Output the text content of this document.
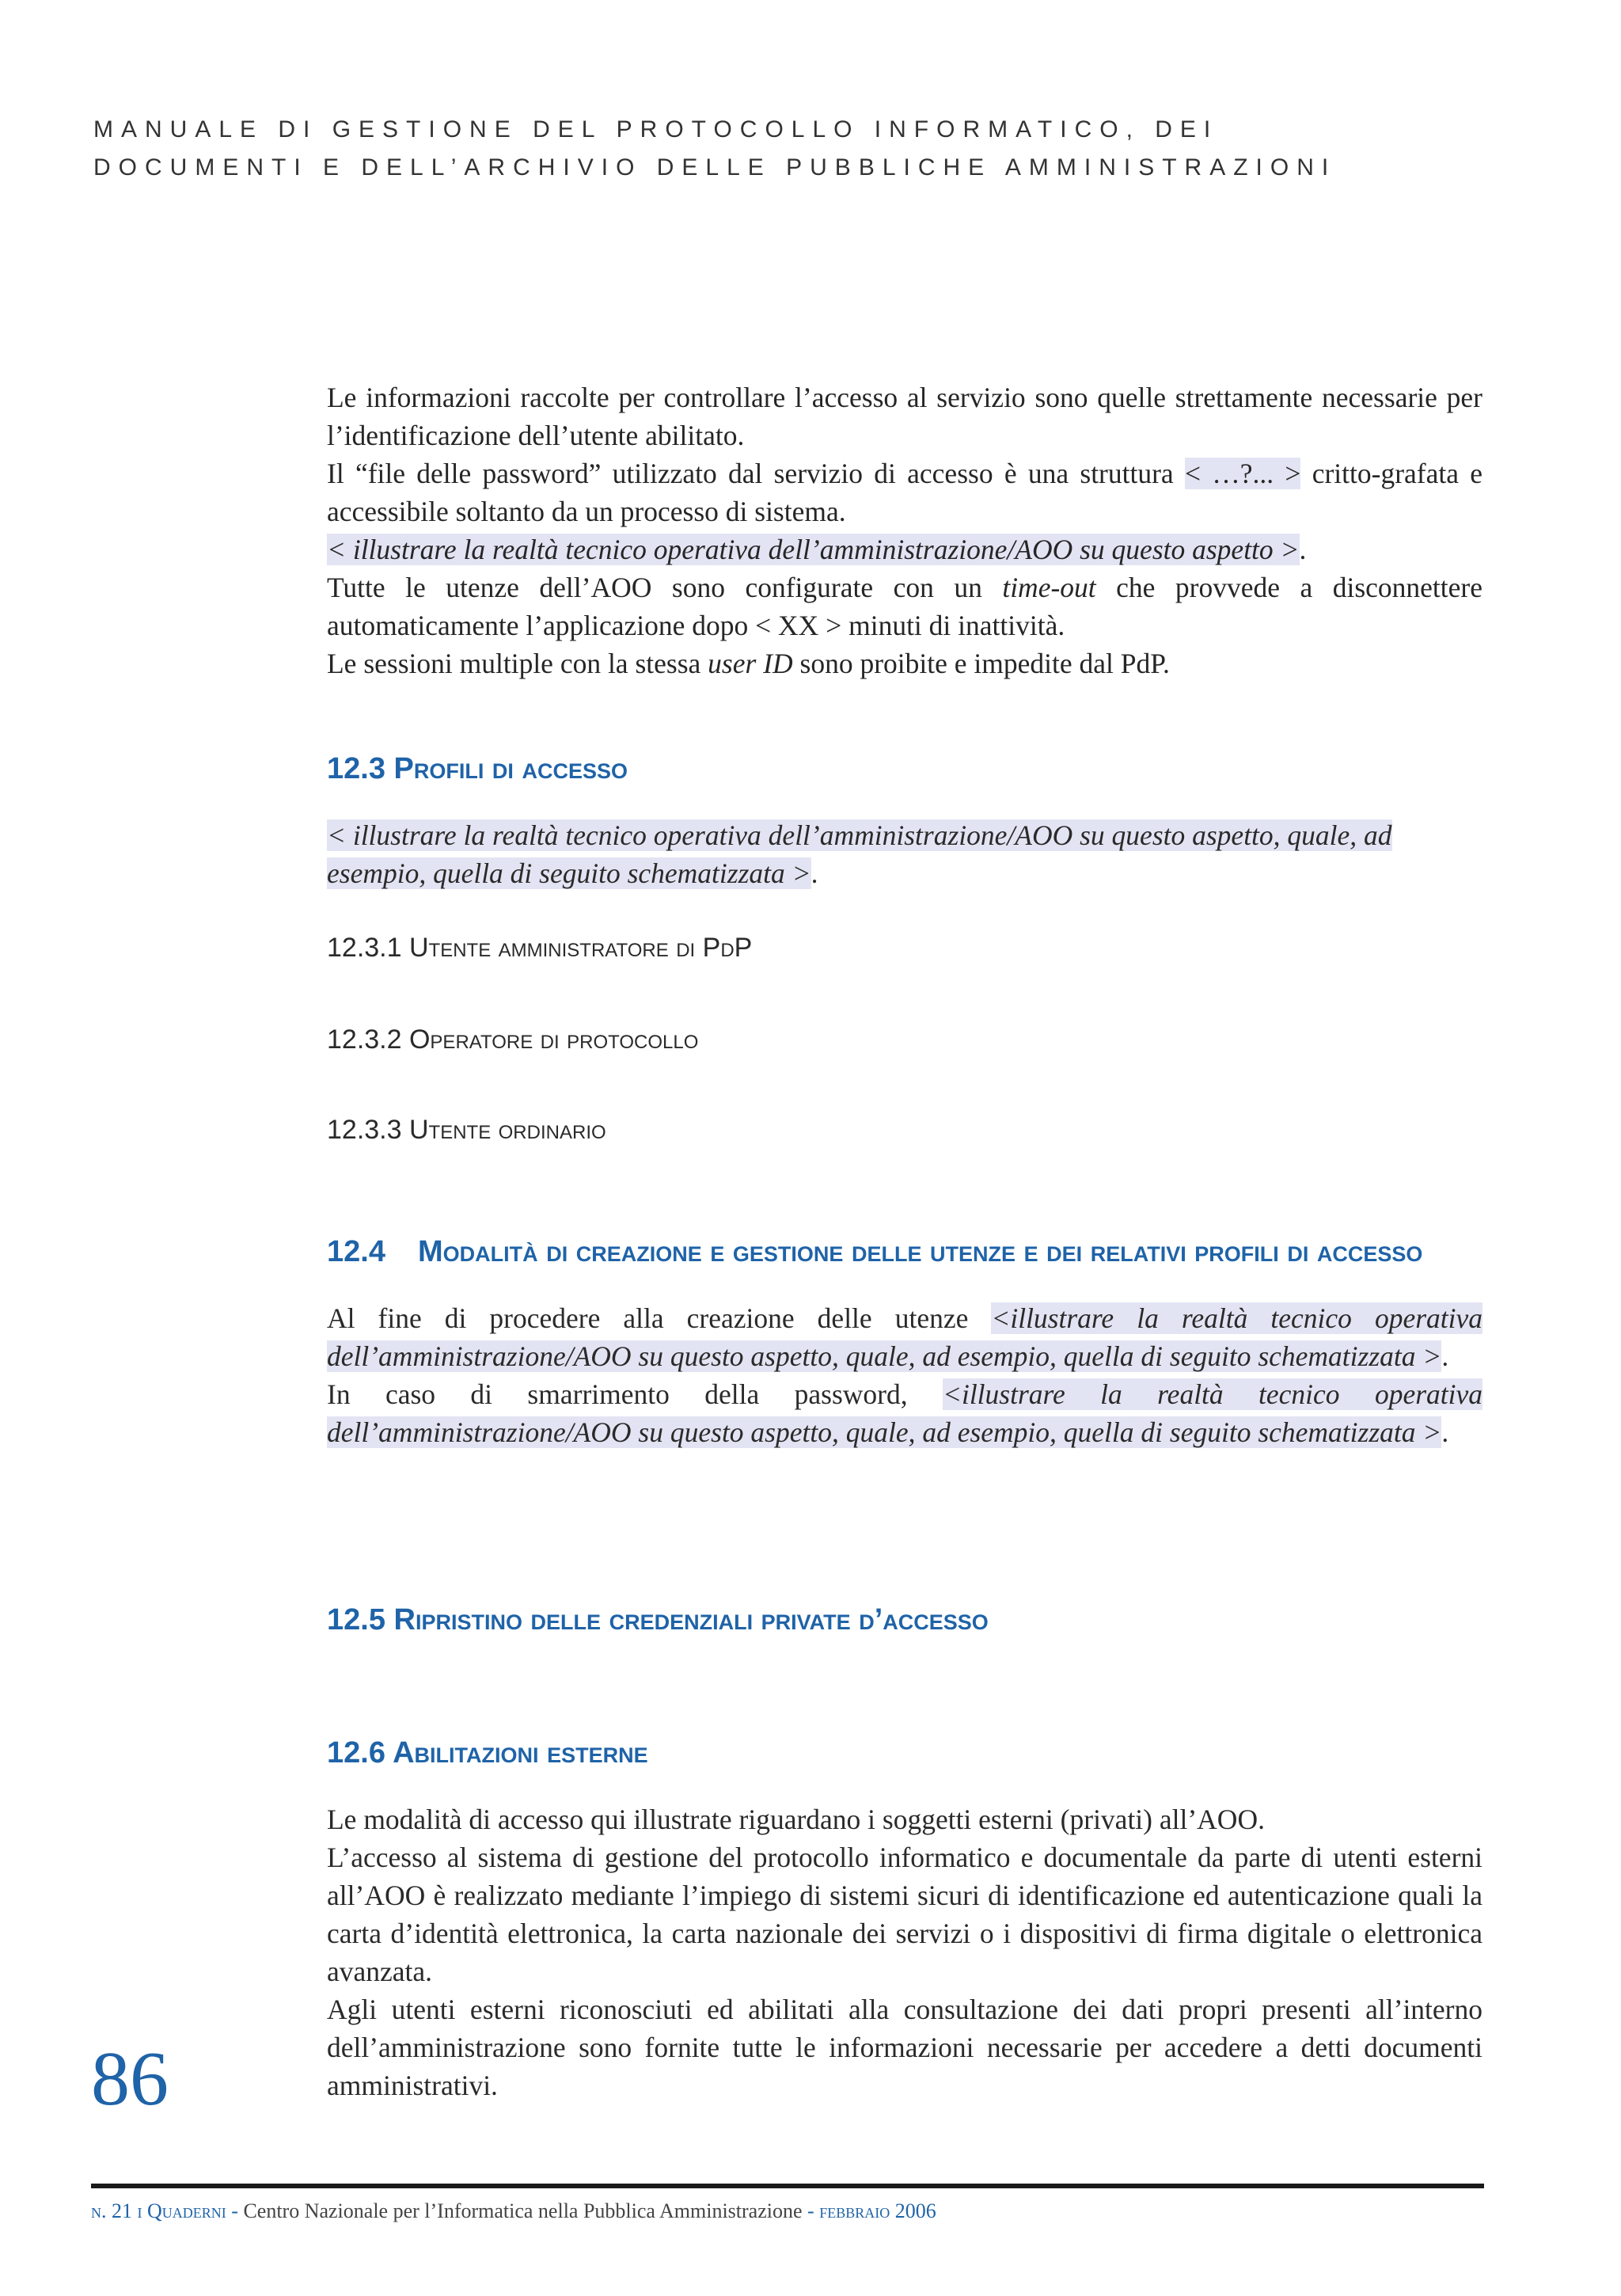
MANUALE DI GESTIONE DEL PROTOCOLLO INFORMATICO, DEI
DOCUMENTI E DELL’ARCHIVIO DELLE PUBBLICHE AMMINISTRAZIONI

Le informazioni raccolte per controllare l’accesso al servizio sono quelle strettamente necessarie per l’identificazione dell’utente abilitato.

Il “file delle password” utilizzato dal servizio di accesso è una struttura < …?... > critto-grafata e accessibile soltanto da un processo di sistema.

< illustrare la realtà tecnico operativa dell’amministrazione/AOO su questo aspetto >.

Tutte le utenze dell’AOO sono configurate con un time-out che provvede a disconnettere automaticamente l’applicazione dopo < XX > minuti di inattività.

Le sessioni multiple con la stessa user ID sono proibite e impedite dal PdP.

12.3 Profili di accesso

< illustrare la realtà tecnico operativa dell’amministrazione/AOO su questo aspetto, quale, ad esempio, quella di seguito schematizzata >.

12.3.1 Utente amministratore di PdP
12.3.2 Operatore di protocollo
12.3.3 Utente ordinario
12.4	Modalità di creazione e gestione delle utenze e dei relativi profili di accesso

Al fine di procedere alla creazione delle utenze <illustrare la realtà tecnico operativa dell’amministrazione/AOO su questo aspetto, quale, ad esempio, quella di seguito schematizzata >.

In caso di smarrimento della password, <illustrare la realtà tecnico operativa dell’amministrazione/AOO su questo aspetto, quale, ad esempio, quella di seguito schematizzata >.

12.5 Ripristino delle credenziali private d’accesso
12.6 Abilitazioni esterne

Le modalità di accesso qui illustrate riguardano i soggetti esterni (privati) all’AOO.

L’accesso al sistema di gestione del protocollo informatico e documentale da parte di utenti esterni all’AOO è realizzato mediante l’impiego di sistemi sicuri di identificazione ed autenticazione quali la carta d’identità elettronica, la carta nazionale dei servizi o i dispositivi di firma digitale o elettronica avanzata.

Agli utenti esterni riconosciuti ed abilitati alla consultazione dei dati propri presenti all’interno dell’amministrazione sono fornite tutte le informazioni necessarie per accedere a detti documenti amministrativi.

86
n. 21 i Quaderni - Centro Nazionale per l’Informatica nella Pubblica Amministrazione - febbraio 2006
